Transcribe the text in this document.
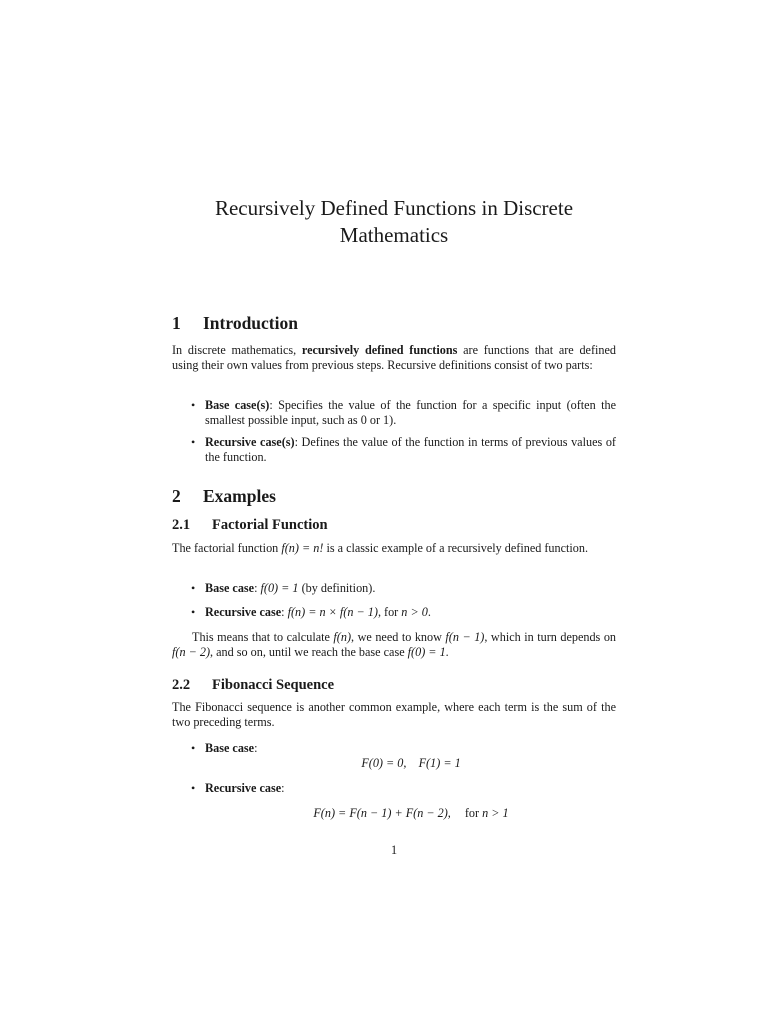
Recursively Defined Functions in Discrete
Mathematics
1 Introduction

In discrete mathematics, recursively defined functions are functions that are defined using their own values from previous steps. Recursive definitions consist of two parts:

• Base case(s): Specifies the value of the function for a specific input (often the smallest possible input, such as 0 or 1).
• Recursive case(s): Defines the value of the function in terms of previous values of the function.
2 Examples
2.1 Factorial Function

The factorial function f(n) = n! is a classic example of a recursively defined function.

• Base case: f(0) = 1 (by definition).
• Recursive case: f(n) = n × f(n − 1), for n > 0.

This means that to calculate f(n), we need to know f(n − 1), which in turn depends on f(n − 2), and so on, until we reach the base case f(0) = 1.

2.2 Fibonacci Sequence

The Fibonacci sequence is another common example, where each term is the sum of the two preceding terms.

• Base case:
F(0) = 0,    F(1) = 1
• Recursive case:
F(n) = F(n − 1) + F(n − 2), for n > 1
1
